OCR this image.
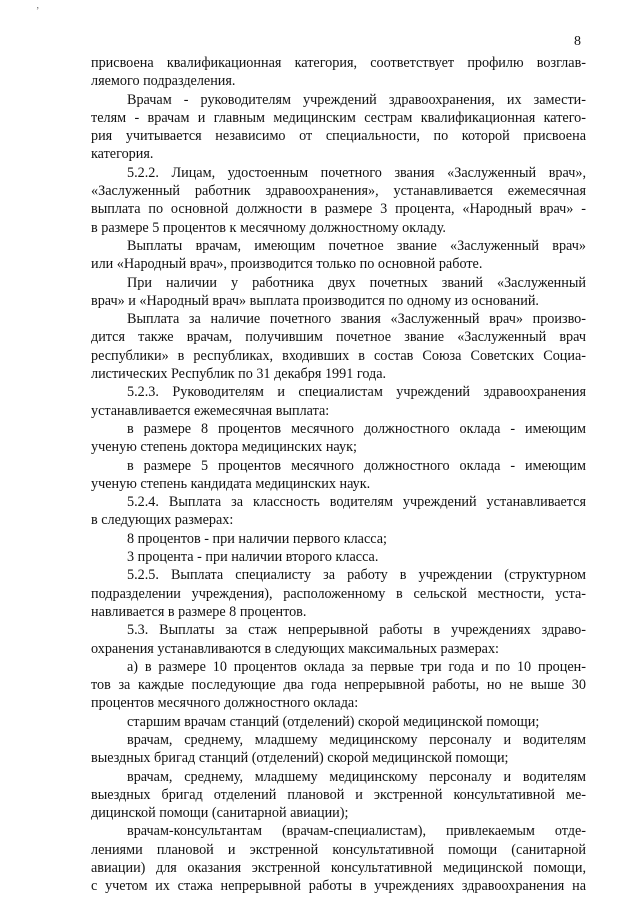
ʼ
8
присвоена квалификационная категория, соответствует профилю возглав-
ляемого подразделения.
Врачам - руководителям учреждений здравоохранения, их замести-
телям - врачам и главным медицинским сестрам квалификационная катего-
рия учитывается независимо от специальности, по которой присвоена
категория.
5.2.2. Лицам, удостоенным почетного звания «Заслуженный врач»,
«Заслуженный работник здравоохранения», устанавливается ежемесячная
выплата по основной должности в размере 3 процента, «Народный врач» -
в размере 5 процентов к месячному должностному окладу.
Выплаты врачам, имеющим почетное звание «Заслуженный врач»
или «Народный врач», производится только по основной работе.
При наличии у работника двух почетных званий «Заслуженный
врач» и «Народный врач» выплата производится по одному из оснований.
Выплата за наличие почетного звания «Заслуженный врач» произво-
дится также врачам, получившим почетное звание «Заслуженный врач
республики» в республиках, входивших в состав Союза Советских Социа-
листических Республик по 31 декабря 1991 года.
5.2.3. Руководителям и специалистам учреждений здравоохранения
устанавливается ежемесячная выплата:
в размере 8 процентов месячного должностного оклада - имеющим
ученую степень доктора медицинских наук;
в размере 5 процентов месячного должностного оклада - имеющим
ученую степень кандидата медицинских наук.
5.2.4. Выплата за классность водителям учреждений устанавливается
в следующих размерах:
8 процентов - при наличии первого класса;
3 процента - при наличии второго класса.
5.2.5. Выплата специалисту за работу в учреждении (структурном
подразделении учреждения), расположенному в сельской местности, уста-
навливается в размере 8 процентов.
5.3. Выплаты за стаж непрерывной работы в учреждениях здраво-
охранения устанавливаются в следующих максимальных размерах:
а) в размере 10 процентов оклада за первые три года и по 10 процен-
тов за каждые последующие два года непрерывной работы, но не выше 30
процентов месячного должностного оклада:
старшим врачам станций (отделений) скорой медицинской помощи;
врачам, среднему, младшему медицинскому персоналу и водителям
выездных бригад станций (отделений) скорой медицинской помощи;
врачам, среднему, младшему медицинскому персоналу и водителям
выездных бригад отделений плановой и экстренной консультативной ме-
дицинской помощи (санитарной авиации);
врачам-консультантам (врачам-специалистам), привлекаемым отде-
лениями плановой и экстренной консультативной помощи (санитарной
авиации) для оказания экстренной консультативной медицинской помощи,
с учетом их стажа непрерывной работы в учреждениях здравоохранения на
